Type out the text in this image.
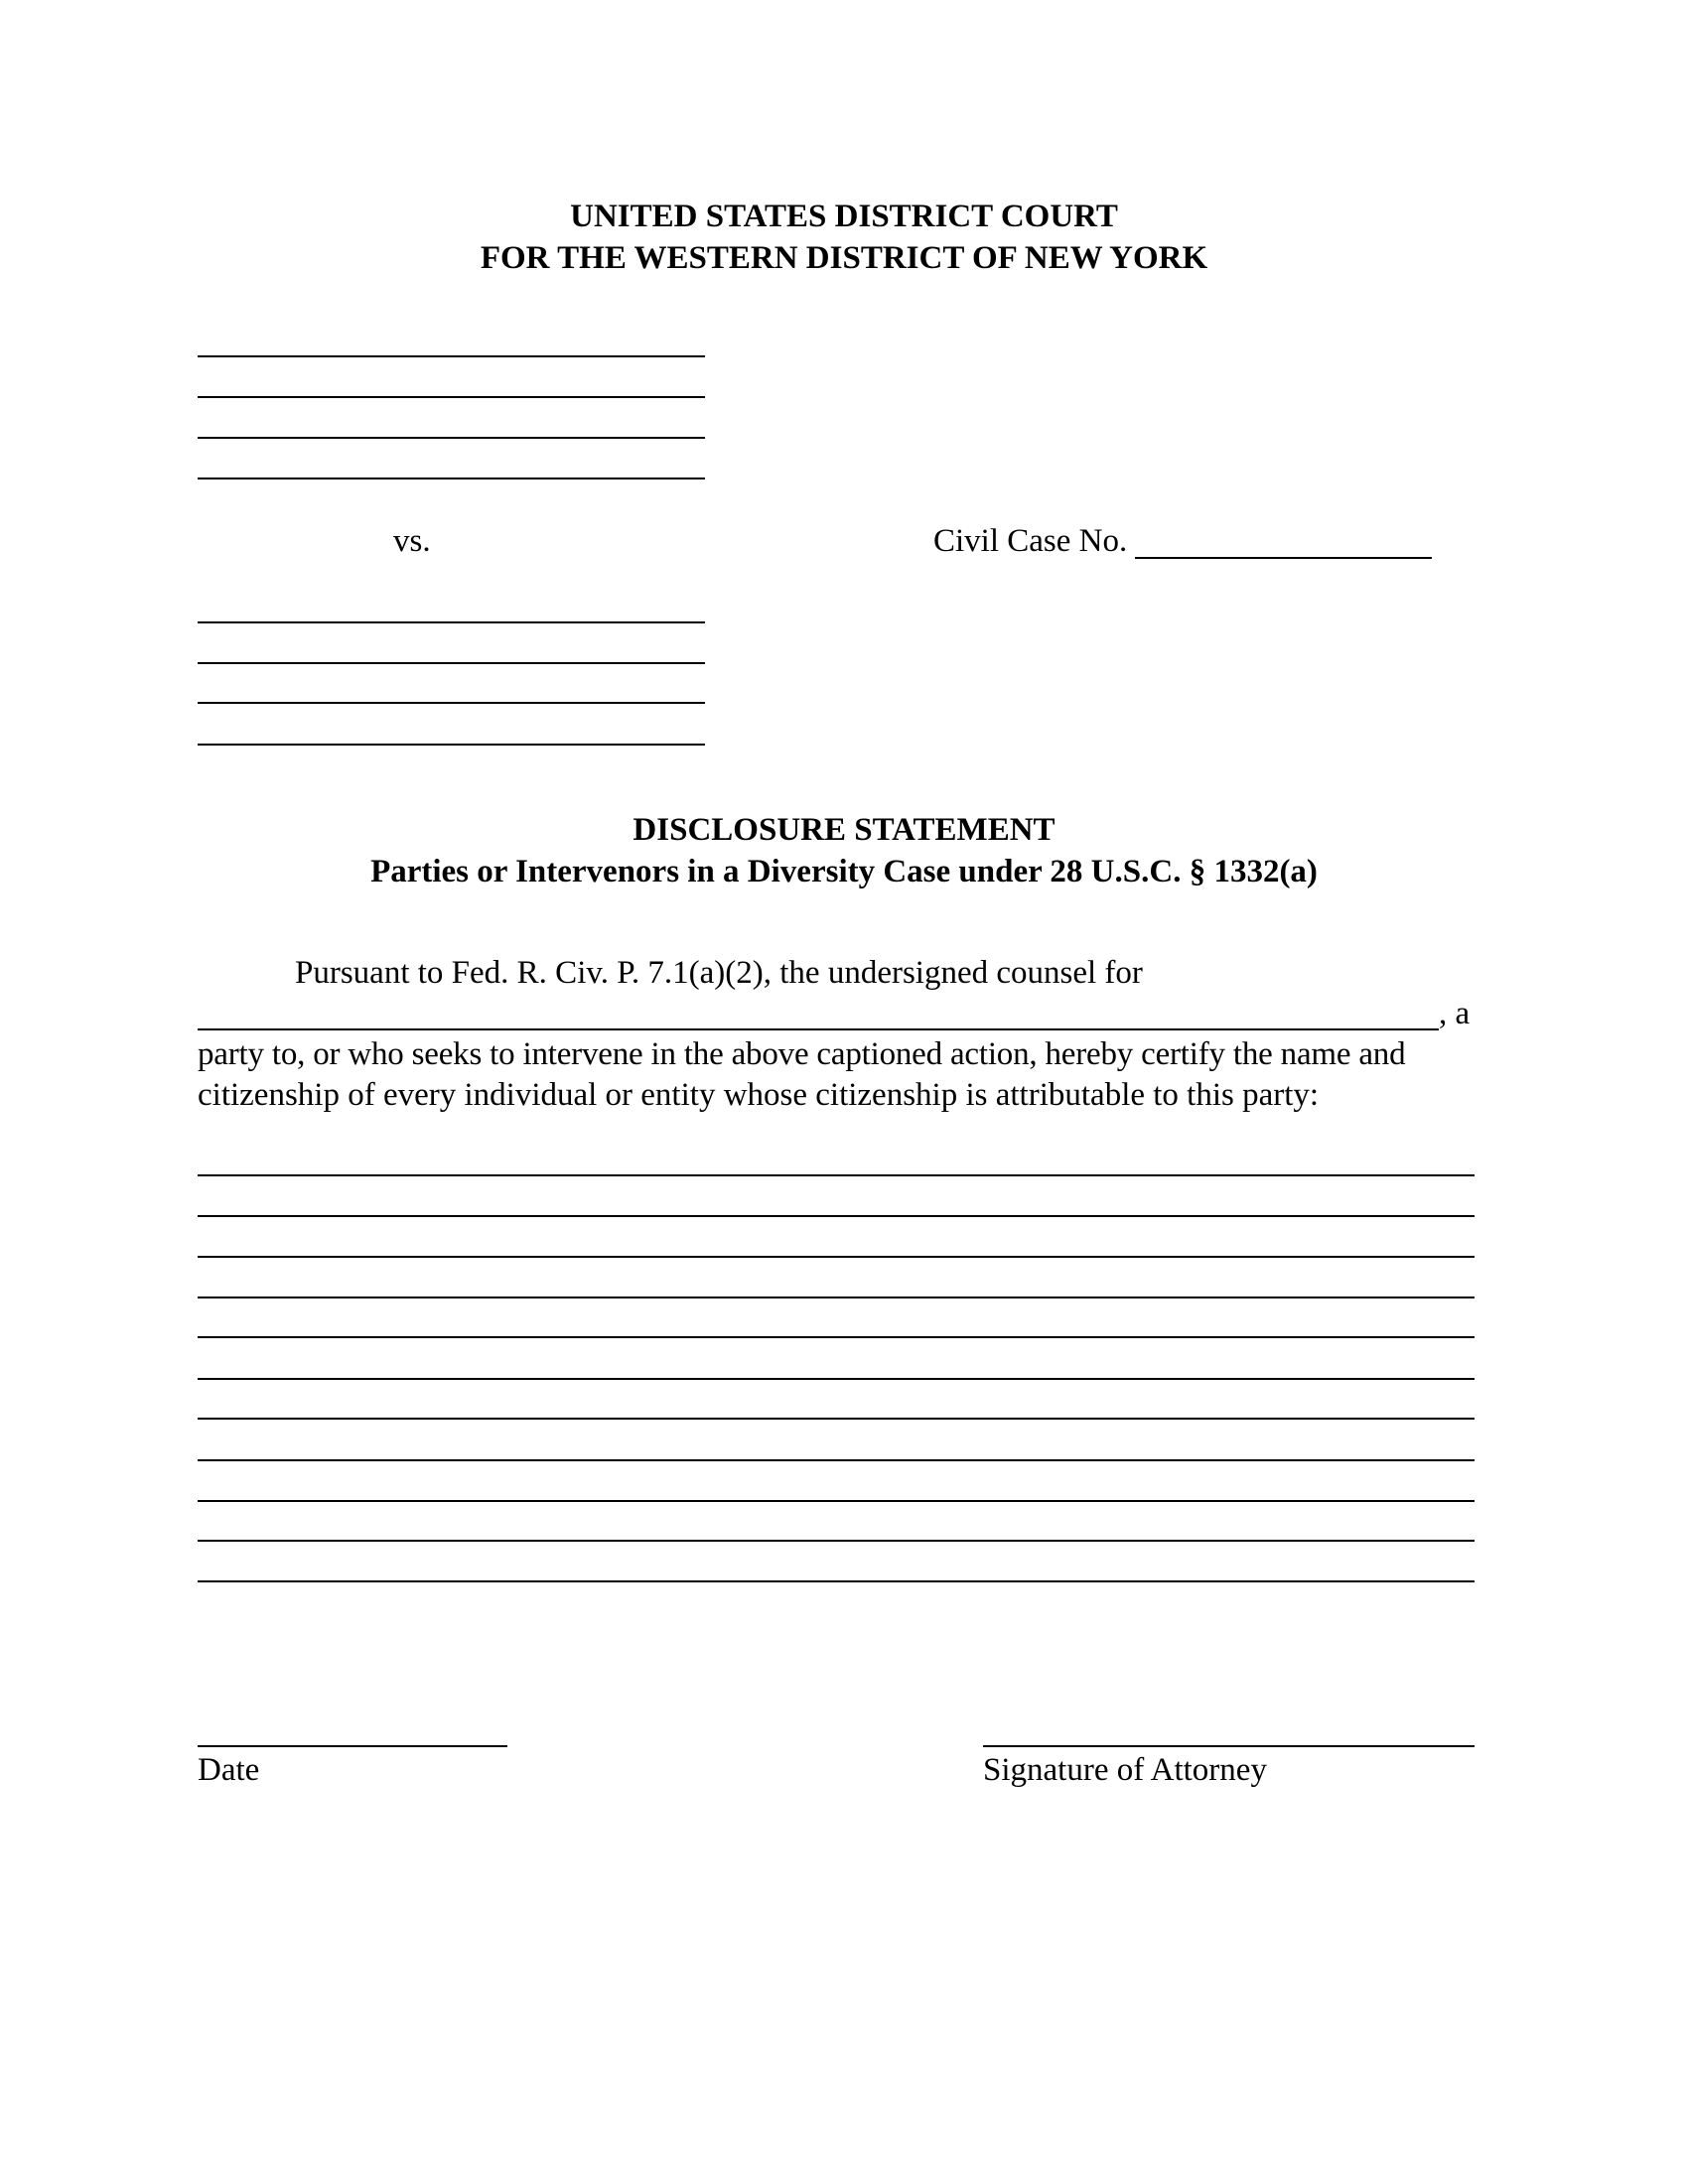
UNITED STATES DISTRICT COURT
FOR THE WESTERN DISTRICT OF NEW YORK
vs.	Civil Case No.
DISCLOSURE STATEMENT
Parties or Intervenors in a Diversity Case under 28 U.S.C. § 1332(a)
Pursuant to Fed. R. Civ. P. 7.1(a)(2), the undersigned counsel for
, a
party to, or who seeks to intervene in the above captioned action, hereby certify the name and
citizenship of every individual or entity whose citizenship is attributable to this party:
Date	Signature of Attorney
